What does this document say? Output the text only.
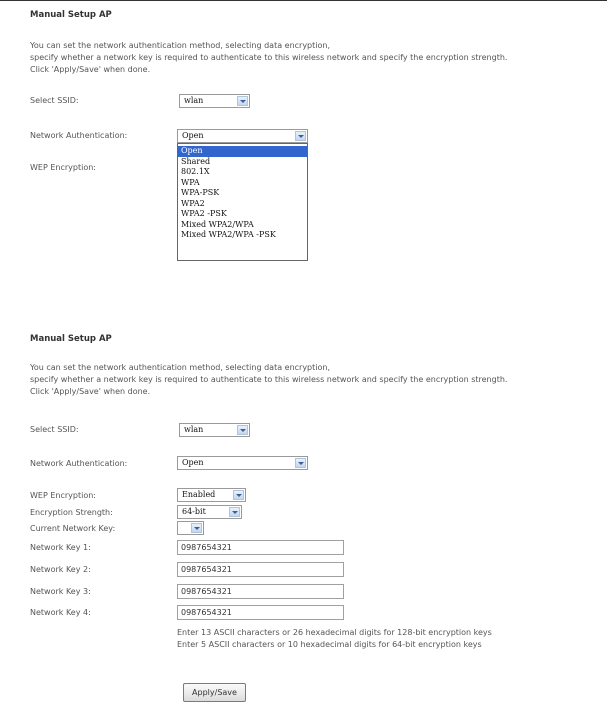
Manual Setup AP
You can set the network authentication method, selecting data encryption,
specify whether a network key is required to authenticate to this wireless network and specify the encryption strength.
Click 'Apply/Save' when done.
Select SSID:	wlan
Network Authentication:	Open
WEP Encryption:
Open
Shared
802.1X
WPA
WPA-PSK
WPA2
WPA2 -PSK
Mixed WPA2/WPA
Mixed WPA2/WPA -PSK
Manual Setup AP
You can set the network authentication method, selecting data encryption,
specify whether a network key is required to authenticate to this wireless network and specify the encryption strength.
Click 'Apply/Save' when done.
Select SSID:	wlan
Network Authentication:	Open
WEP Encryption:	Enabled
Encryption Strength:	64-bit
Current Network Key:
Network Key 1:	0987654321
Network Key 2:	0987654321
Network Key 3:	0987654321
Network Key 4:	0987654321
Enter 13 ASCII characters or 26 hexadecimal digits for 128-bit encryption keys
Enter 5 ASCII characters or 10 hexadecimal digits for 64-bit encryption keys
Apply/Save
